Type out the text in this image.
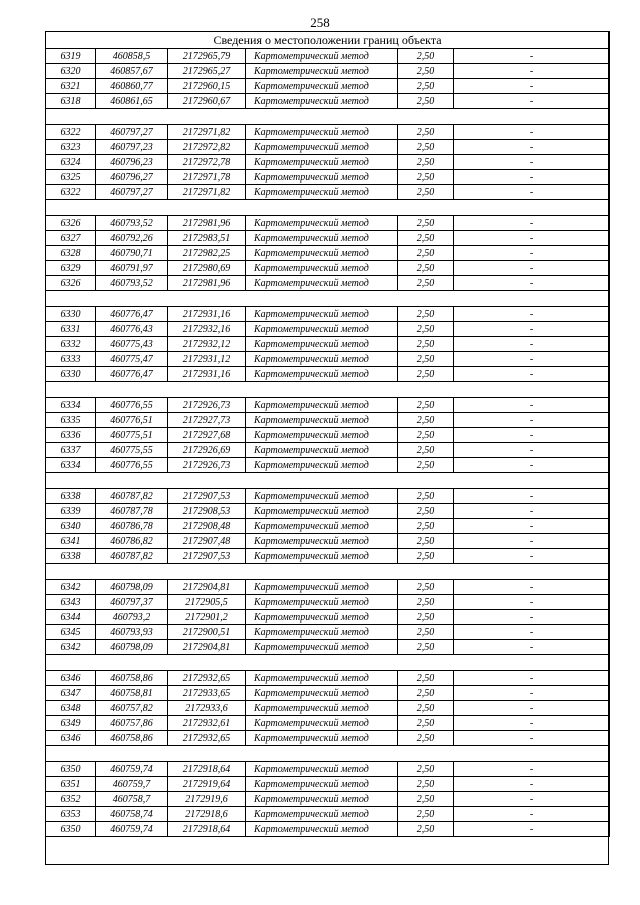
258
Сведения о местоположении границ объекта					
6319	460858,5	2172965,79	Картометрический метод	2,50	-
6320	460857,67	2172965,27	Картометрический метод	2,50	-
6321	460860,77	2172960,15	Картометрический метод	2,50	-
6318	460861,65	2172960,67	Картометрический метод	2,50	-

6322	460797,27	2172971,82	Картометрический метод	2,50	-
6323	460797,23	2172972,82	Картометрический метод	2,50	-
6324	460796,23	2172972,78	Картометрический метод	2,50	-
6325	460796,27	2172971,78	Картометрический метод	2,50	-
6322	460797,27	2172971,82	Картометрический метод	2,50	-

6326	460793,52	2172981,96	Картометрический метод	2,50	-
6327	460792,26	2172983,51	Картометрический метод	2,50	-
6328	460790,71	2172982,25	Картометрический метод	2,50	-
6329	460791,97	2172980,69	Картометрический метод	2,50	-
6326	460793,52	2172981,96	Картометрический метод	2,50	-

6330	460776,47	2172931,16	Картометрический метод	2,50	-
6331	460776,43	2172932,16	Картометрический метод	2,50	-
6332	460775,43	2172932,12	Картометрический метод	2,50	-
6333	460775,47	2172931,12	Картометрический метод	2,50	-
6330	460776,47	2172931,16	Картометрический метод	2,50	-

6334	460776,55	2172926,73	Картометрический метод	2,50	-
6335	460776,51	2172927,73	Картометрический метод	2,50	-
6336	460775,51	2172927,68	Картометрический метод	2,50	-
6337	460775,55	2172926,69	Картометрический метод	2,50	-
6334	460776,55	2172926,73	Картометрический метод	2,50	-

6338	460787,82	2172907,53	Картометрический метод	2,50	-
6339	460787,78	2172908,53	Картометрический метод	2,50	-
6340	460786,78	2172908,48	Картометрический метод	2,50	-
6341	460786,82	2172907,48	Картометрический метод	2,50	-
6338	460787,82	2172907,53	Картометрический метод	2,50	-

6342	460798,09	2172904,81	Картометрический метод	2,50	-
6343	460797,37	2172905,5	Картометрический метод	2,50	-
6344	460793,2	2172901,2	Картометрический метод	2,50	-
6345	460793,93	2172900,51	Картометрический метод	2,50	-
6342	460798,09	2172904,81	Картометрический метод	2,50	-

6346	460758,86	2172932,65	Картометрический метод	2,50	-
6347	460758,81	2172933,65	Картометрический метод	2,50	-
6348	460757,82	2172933,6	Картометрический метод	2,50	-
6349	460757,86	2172932,61	Картометрический метод	2,50	-
6346	460758,86	2172932,65	Картометрический метод	2,50	-

6350	460759,74	2172918,64	Картометрический метод	2,50	-
6351	460759,7	2172919,64	Картометрический метод	2,50	-
6352	460758,7	2172919,6	Картометрический метод	2,50	-
6353	460758,74	2172918,6	Картометрический метод	2,50	-
6350	460759,74	2172918,64	Картометрический метод	2,50	-
